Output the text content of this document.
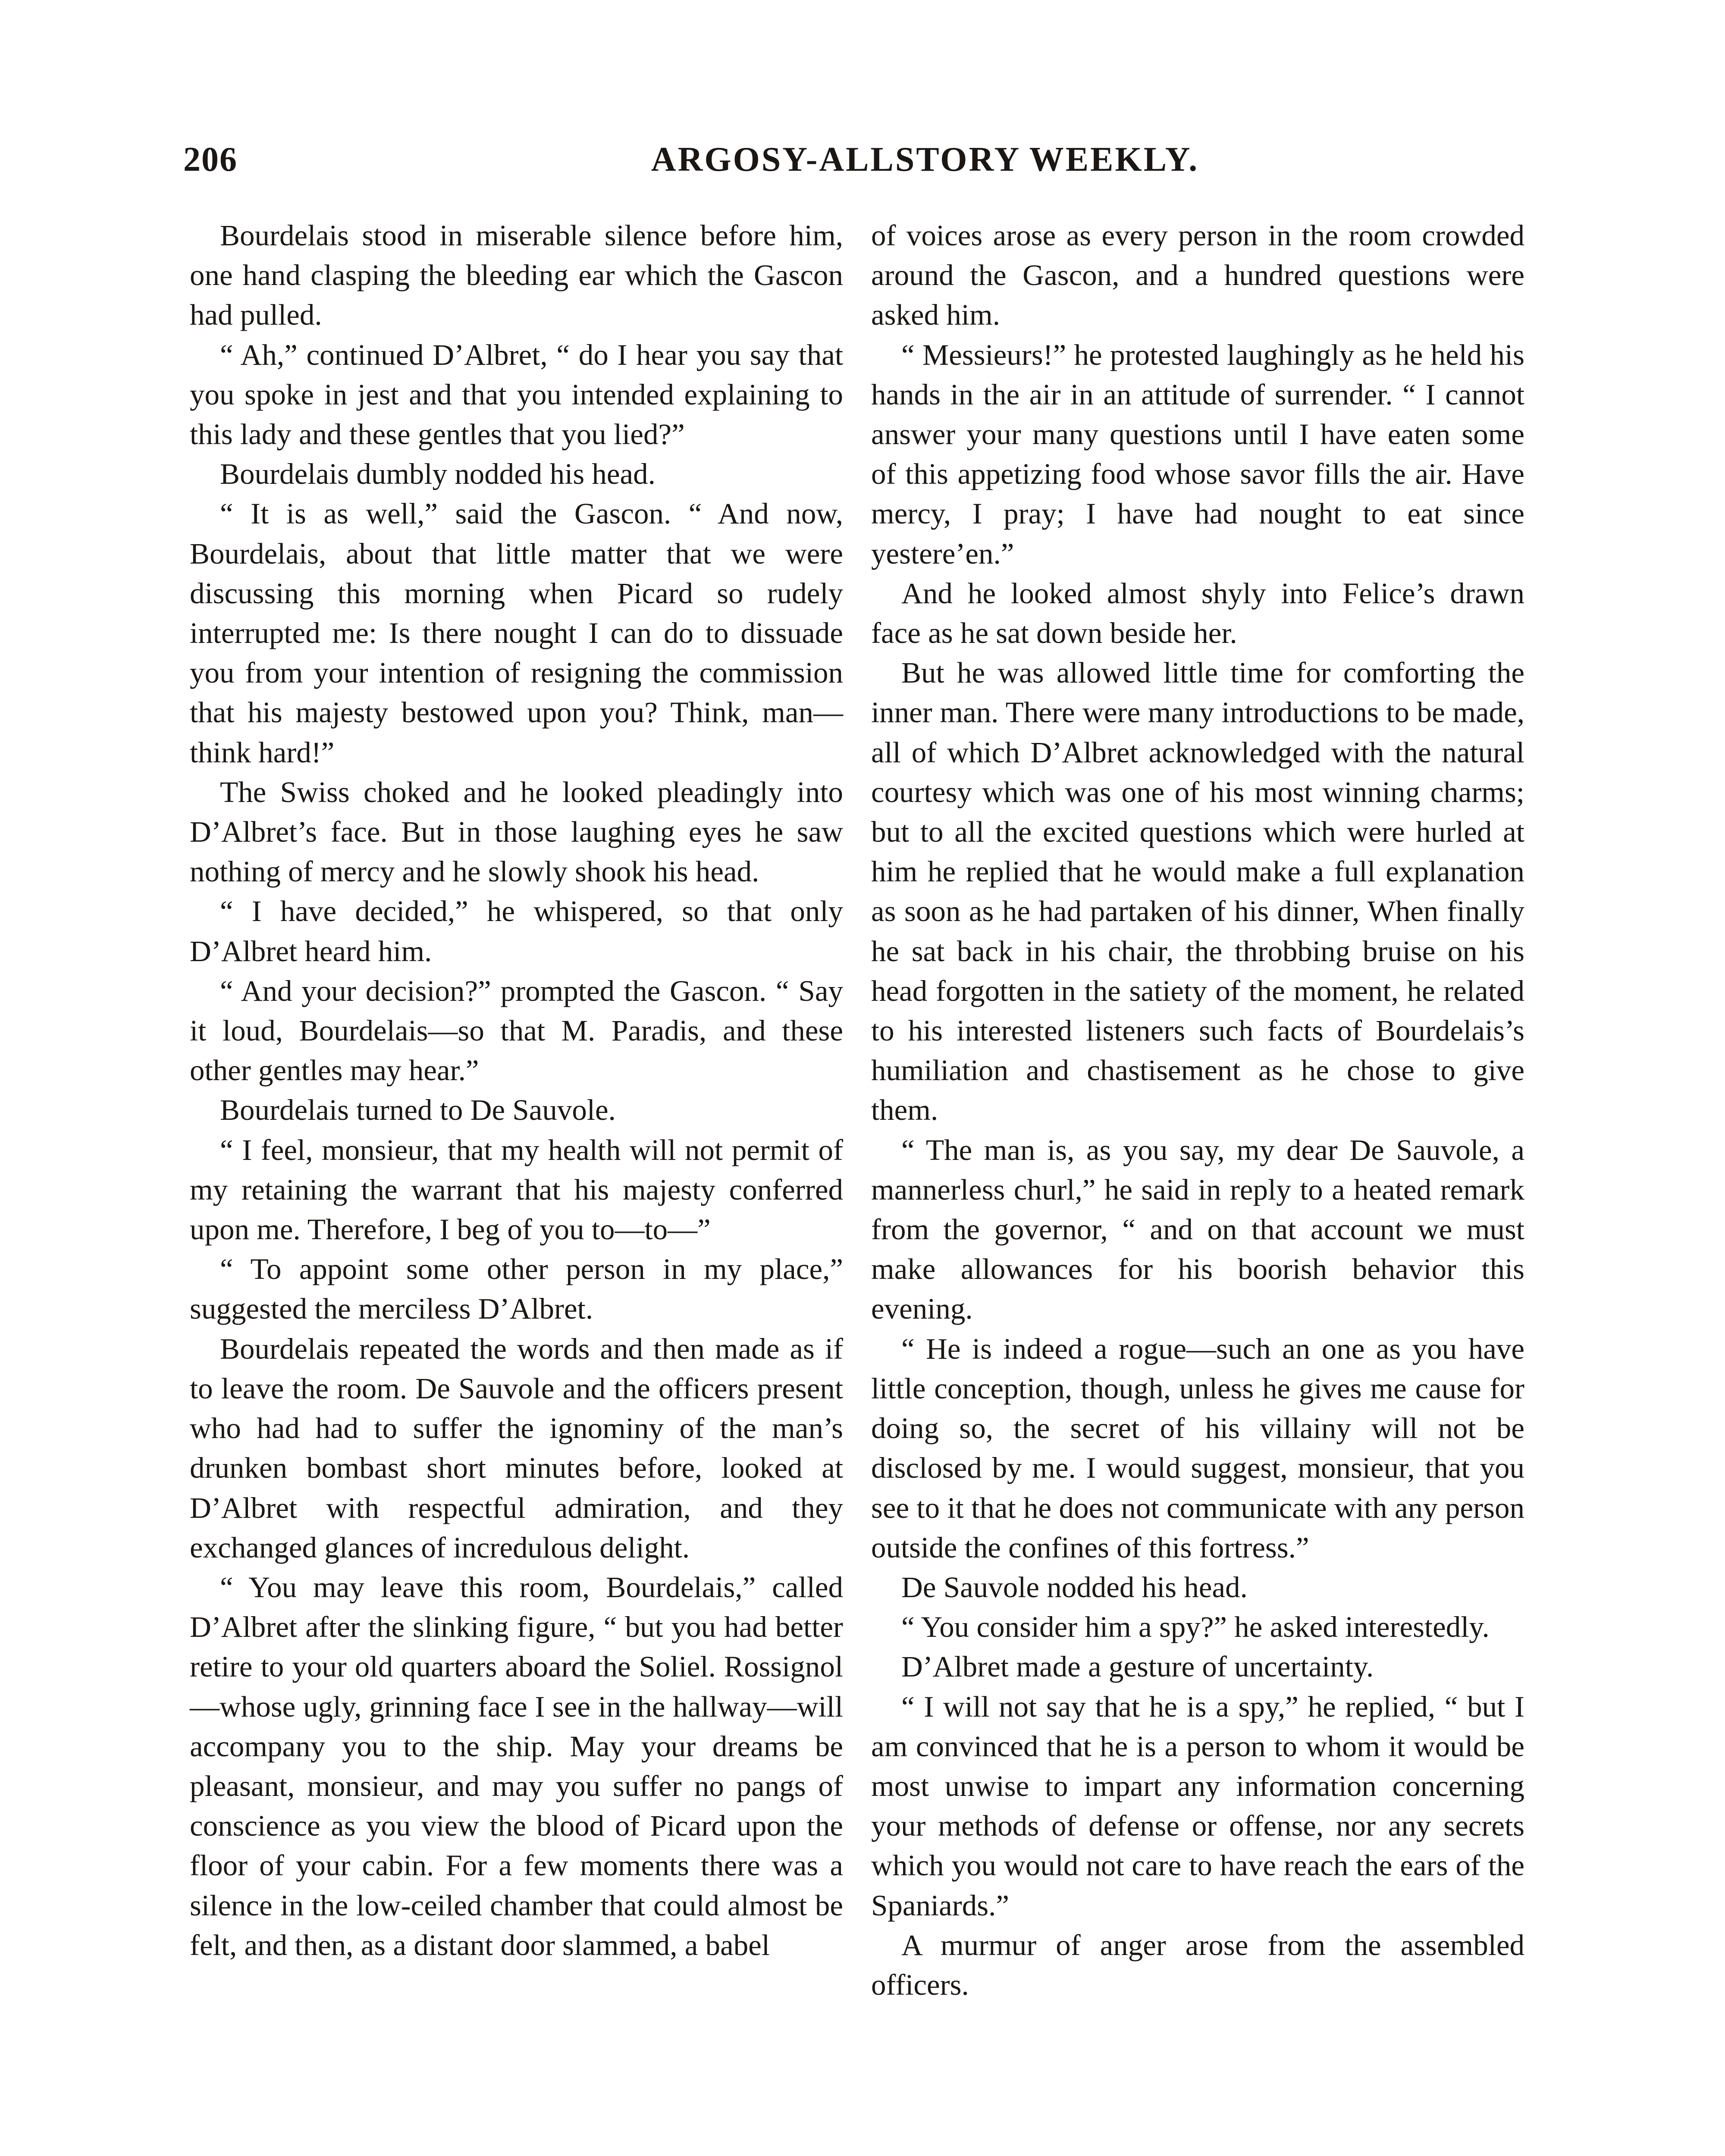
206	ARGOSY-ALLSTORY WEEKLY.

Bourdelais stood in miserable silence before him, one hand clasping the bleeding ear which the Gascon had pulled.

“ Ah,” continued D’Albret, “ do I hear you say that you spoke in jest and that you intended explaining to this lady and these gentles that you lied?”

Bourdelais dumbly nodded his head.

“ It is as well,” said the Gascon. “ And now, Bourdelais, about that little matter that we were discussing this morning when Picard so rudely interrupted me: Is there nought I can do to dissuade you from your intention of resigning the commission that his majesty bestowed upon you? Think, man—think hard!”

The Swiss choked and he looked pleadingly into D’Albret’s face. But in those laughing eyes he saw nothing of mercy and he slowly shook his head.

“ I have decided,” he whispered, so that only D’Albret heard him.

“ And your decision?” prompted the Gascon. “ Say it loud, Bourdelais—so that M. Paradis, and these other gentles may hear.”

Bourdelais turned to De Sauvole.

“ I feel, monsieur, that my health will not permit of my retaining the warrant that his majesty conferred upon me. Therefore, I beg of you to—to—”

“ To appoint some other person in my place,” suggested the merciless D’Albret.

Bourdelais repeated the words and then made as if to leave the room. De Sauvole and the officers present who had had to suffer the ignominy of the man’s drunken bombast short minutes before, looked at D’Albret with respectful admiration, and they exchanged glances of incredulous delight.

“ You may leave this room, Bourdelais,” called D’Albret after the slinking figure, “ but you had better retire to your old quarters aboard the Soliel. Rossignol—whose ugly, grinning face I see in the hallway—will accompany you to the ship. May your dreams be pleasant, monsieur, and may you suffer no pangs of conscience as you view the blood of Picard upon the floor of your cabin. For a few moments there was a silence in the low-ceiled chamber that could almost be felt, and then, as a distant door slammed, a babel

of voices arose as every person in the room crowded around the Gascon, and a hundred questions were asked him.

“ Messieurs!” he protested laughingly as he held his hands in the air in an attitude of surrender. “ I cannot answer your many questions until I have eaten some of this appetizing food whose savor fills the air. Have mercy, I pray; I have had nought to eat since yestere’en.”

And he looked almost shyly into Felice’s drawn face as he sat down beside her.

But he was allowed little time for comforting the inner man. There were many introductions to be made, all of which D’Albret acknowledged with the natural courtesy which was one of his most winning charms; but to all the excited questions which were hurled at him he replied that he would make a full explanation as soon as he had partaken of his dinner, When finally he sat back in his chair, the throbbing bruise on his head forgotten in the satiety of the moment, he related to his interested listeners such facts of Bourdelais’s humiliation and chastisement as he chose to give them.

“ The man is, as you say, my dear De Sauvole, a mannerless churl,” he said in reply to a heated remark from the governor, “ and on that account we must make allowances for his boorish behavior this evening.

“ He is indeed a rogue—such an one as you have little conception, though, unless he gives me cause for doing so, the secret of his villainy will not be disclosed by me. I would suggest, monsieur, that you see to it that he does not communicate with any person outside the confines of this fortress.”

De Sauvole nodded his head.

“ You consider him a spy?” he asked interestedly.

D’Albret made a gesture of uncertainty.

“ I will not say that he is a spy,” he replied, “ but I am convinced that he is a person to whom it would be most unwise to impart any information concerning your methods of defense or offense, nor any secrets which you would not care to have reach the ears of the Spaniards.”

A murmur of anger arose from the assembled officers.
